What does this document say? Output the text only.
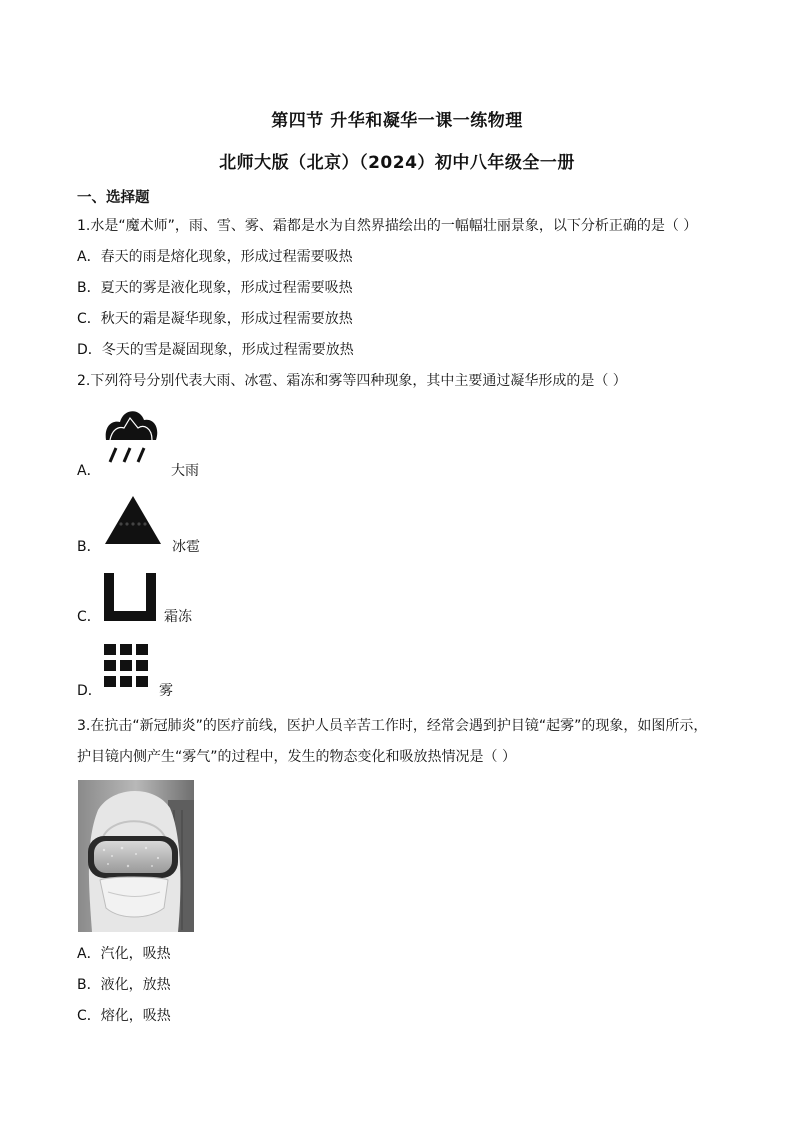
第四节 升华和凝华一课一练物理
北师大版（北京）（2024）初中八年级全一册
一、选择题
1.水是“魔术师”，雨、雪、雾、霜都是水为自然界描绘出的一幅幅壮丽景象，以下分析正确的是（ ）
A．春天的雨是熔化现象，形成过程需要吸热
B．夏天的雾是液化现象，形成过程需要吸热
C．秋天的霜是凝华现象，形成过程需要放热
D．冬天的雪是凝固现象，形成过程需要放热
2.下列符号分别代表大雨、冰雹、霜冻和雾等四种现象，其中主要通过凝华形成的是（ ）
A．	大雨
B．	冰雹
C．	霜冻
D．	雾
3.在抗击“新冠肺炎”的医疗前线，医护人员辛苦工作时，经常会遇到护目镜“起雾”的现象，如图所示，
护目镜内侧产生“雾气”的过程中，发生的物态变化和吸放热情况是（ ）
A．汽化，吸热
B．液化，放热
C．熔化，吸热
